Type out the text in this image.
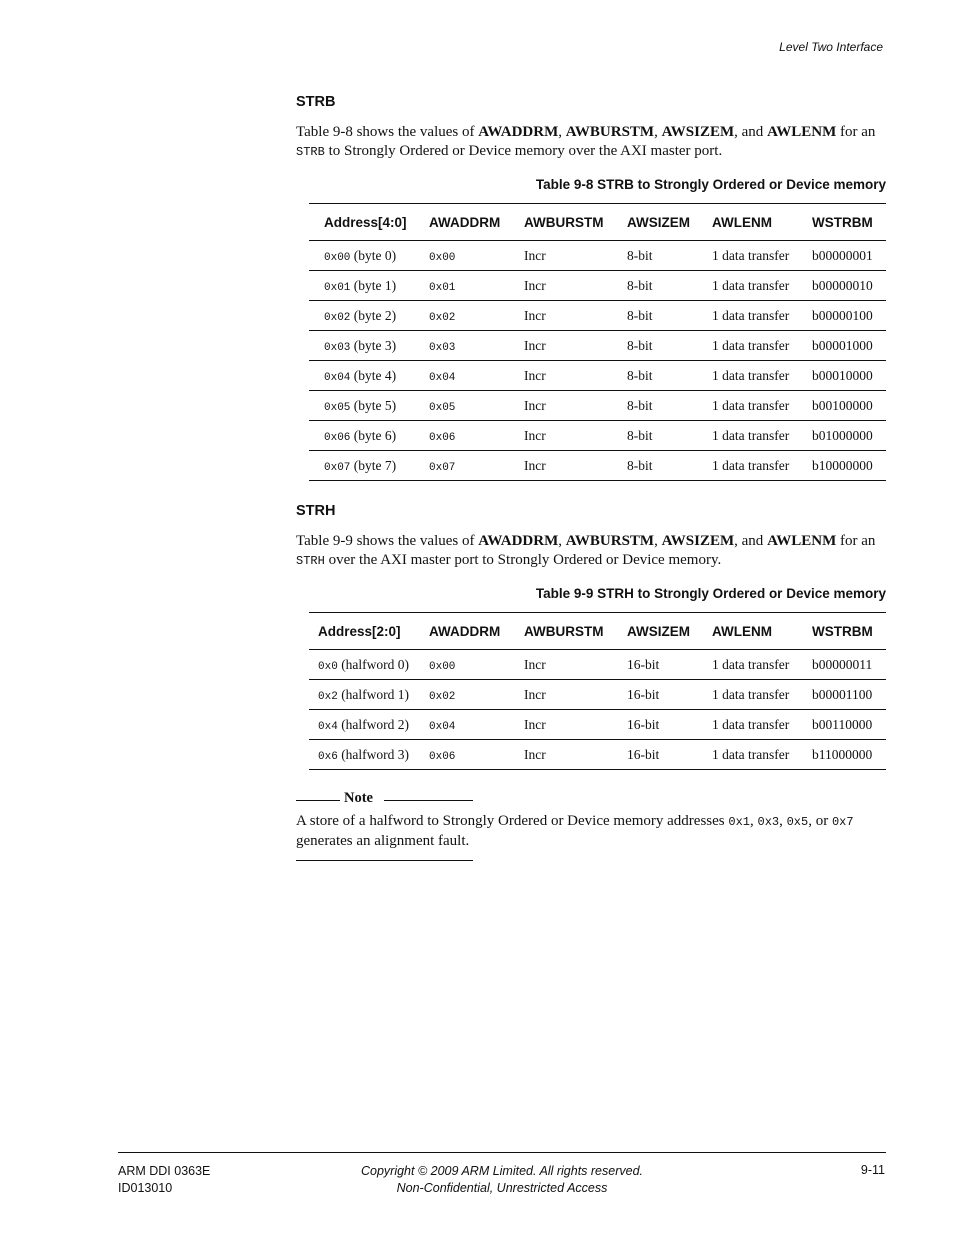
Level Two Interface
STRB

Table 9-8 shows the values of AWADDRM, AWBURSTM, AWSIZEM, and AWLENM for an STRB to Strongly Ordered or Device memory over the AXI master port.

Table 9-8 STRB to Strongly Ordered or Device memory
Address[4:0]	AWADDRM	AWBURSTM	AWSIZEM	AWLENM	WSTRBM
0x00 (byte 0)	0x00	Incr	8-bit	1 data transfer	b00000001
0x01 (byte 1)	0x01	Incr	8-bit	1 data transfer	b00000010
0x02 (byte 2)	0x02	Incr	8-bit	1 data transfer	b00000100
0x03 (byte 3)	0x03	Incr	8-bit	1 data transfer	b00001000
0x04 (byte 4)	0x04	Incr	8-bit	1 data transfer	b00010000
0x05 (byte 5)	0x05	Incr	8-bit	1 data transfer	b00100000
0x06 (byte 6)	0x06	Incr	8-bit	1 data transfer	b01000000
0x07 (byte 7)	0x07	Incr	8-bit	1 data transfer	b10000000
STRH

Table 9-9 shows the values of AWADDRM, AWBURSTM, AWSIZEM, and AWLENM for an STRH over the AXI master port to Strongly Ordered or Device memory.

Table 9-9 STRH to Strongly Ordered or Device memory
Address[2:0]	AWADDRM	AWBURSTM	AWSIZEM	AWLENM	WSTRBM
0x0 (halfword 0)	0x00	Incr	16-bit	1 data transfer	b00000011
0x2 (halfword 1)	0x02	Incr	16-bit	1 data transfer	b00001100
0x4 (halfword 2)	0x04	Incr	16-bit	1 data transfer	b00110000
0x6 (halfword 3)	0x06	Incr	16-bit	1 data transfer	b11000000
Note

A store of a halfword to Strongly Ordered or Device memory addresses 0x1, 0x3, 0x5, or 0x7 generates an alignment fault.

ARM DDI 0363E
ID013010
Copyright © 2009 ARM Limited. All rights reserved.
Non-Confidential, Unrestricted Access
9-11
